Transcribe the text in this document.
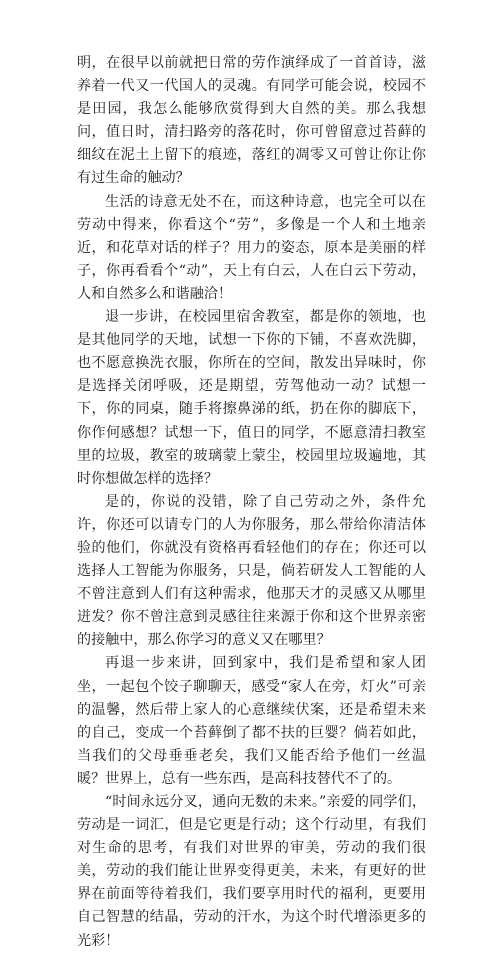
明，在很早以前就把日常的劳作演绎成了一首首诗，滋养着一代又一代国人的灵魂。有同学可能会说，校园不是田园，我怎么能够欣赏得到大自然的美。那么我想问，值日时，清扫路旁的落花时，你可曾留意过苔藓的细纹在泥土上留下的痕迹，落红的凋零又可曾让你让你有过生命的触动？

生活的诗意无处不在，而这种诗意，也完全可以在劳动中得来，你看这个“劳”，多像是一个人和土地亲近，和花草对话的样子？用力的姿态，原本是美丽的样子，你再看看个“动”，天上有白云，人在白云下劳动，人和自然多么和谐融洽！

退一步讲，在校园里宿舍教室，都是你的领地，也是其他同学的天地，试想一下你的下铺，不喜欢洗脚，也不愿意换洗衣服，你所在的空间，散发出异味时，你是选择关闭呼吸，还是期望，劳驾他动一动？试想一下，你的同桌，随手将擦鼻涕的纸，扔在你的脚底下，你作何感想？试想一下，值日的同学，不愿意清扫教室里的垃圾，教室的玻璃蒙上蒙尘，校园里垃圾遍地，其时你想做怎样的选择？

是的，你说的没错，除了自己劳动之外，条件允许，你还可以请专门的人为你服务，那么带给你清洁体验的他们，你就没有资格再看轻他们的存在；你还可以选择人工智能为你服务，只是，倘若研发人工智能的人不曾注意到人们有这种需求，他那天才的灵感又从哪里迸发？你不曾注意到灵感往往来源于你和这个世界亲密的接触中，那么你学习的意义又在哪里？

再退一步来讲，回到家中，我们是希望和家人团坐，一起包个饺子聊聊天，感受“家人在旁，灯火”可亲的温馨，然后带上家人的心意继续伏案，还是希望未来的自己，变成一个苔藓倒了都不扶的巨婴？倘若如此，当我们的父母垂垂老矣，我们又能否给予他们一丝温暖？世界上，总有一些东西，是高科技替代不了的。

“时间永远分叉，通向无数的未来。”亲爱的同学们，劳动是一词汇，但是它更是行动；这个行动里，有我们对生命的思考，有我们对世界的审美，劳动的我们很美，劳动的我们能让世界变得更美，未来，有更好的世界在前面等待着我们，我们要享用时代的福利，更要用自己智慧的结晶，劳动的汗水，为这个时代增添更多的光彩！
